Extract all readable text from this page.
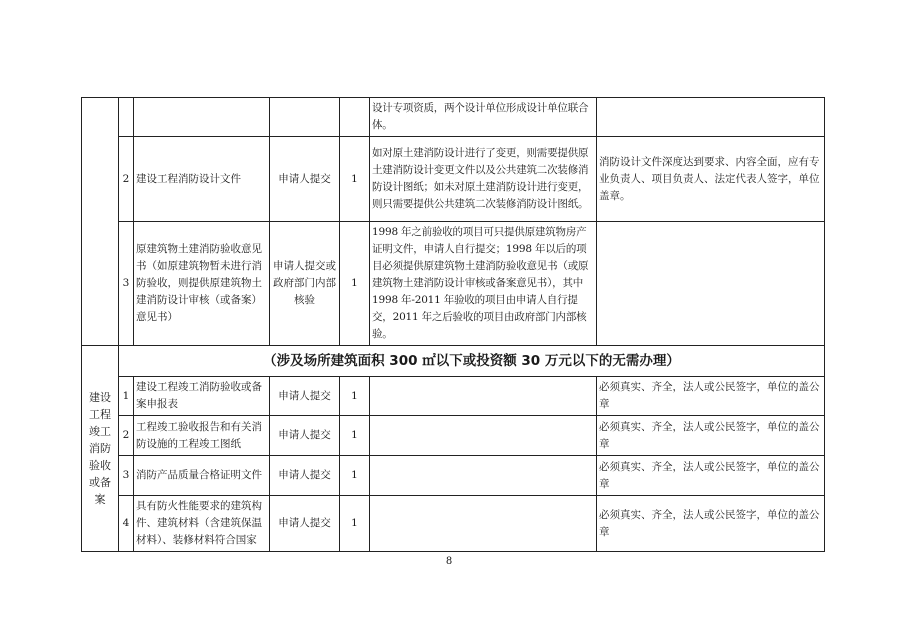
					设计专项资质，两个设计单位形成设计单位联合体。	
	2	建设工程消防设计文件	申请人提交	1	如对原土建消防设计进行了变更，则需要提供原土建消防设计变更文件以及公共建筑二次装修消防设计图纸；如未对原土建消防设计进行变更，则只需要提供公共建筑二次装修消防设计图纸。	消防设计文件深度达到要求、内容全面，应有专业负责人、项目负责人、法定代表人签字，单位盖章。
	3	原建筑物土建消防验收意见书（如原建筑物暂未进行消防验收，则提供原建筑物土建消防设计审核（或备案）意见书）	申请人提交或政府部门内部核验	1	1998 年之前验收的项目可只提供原建筑物房产证明文件，申请人自行提交；1998 年以后的项目必须提供原建筑物土建消防验收意见书（或原建筑物土建消防设计审核或备案意见书），其中 1998 年-2011 年验收的项目由申请人自行提交，2011 年之后验收的项目由政府部门内部核验。	
建设工程竣工消防验收或备案	（涉及场所建筑面积 300 ㎡以下或投资额 30 万元以下的无需办理）					
	1	建设工程竣工消防验收或备案申报表	申请人提交	1		必须真实、齐全，法人或公民签字，单位的盖公章
	2	工程竣工验收报告和有关消防设施的工程竣工图纸	申请人提交	1		必须真实、齐全，法人或公民签字，单位的盖公章
	3	消防产品质量合格证明文件	申请人提交	1		必须真实、齐全，法人或公民签字，单位的盖公章
	4	具有防火性能要求的建筑构件、建筑材料（含建筑保温材料）、装修材料符合国家	申请人提交	1		必须真实、齐全，法人或公民签字，单位的盖公章
8
